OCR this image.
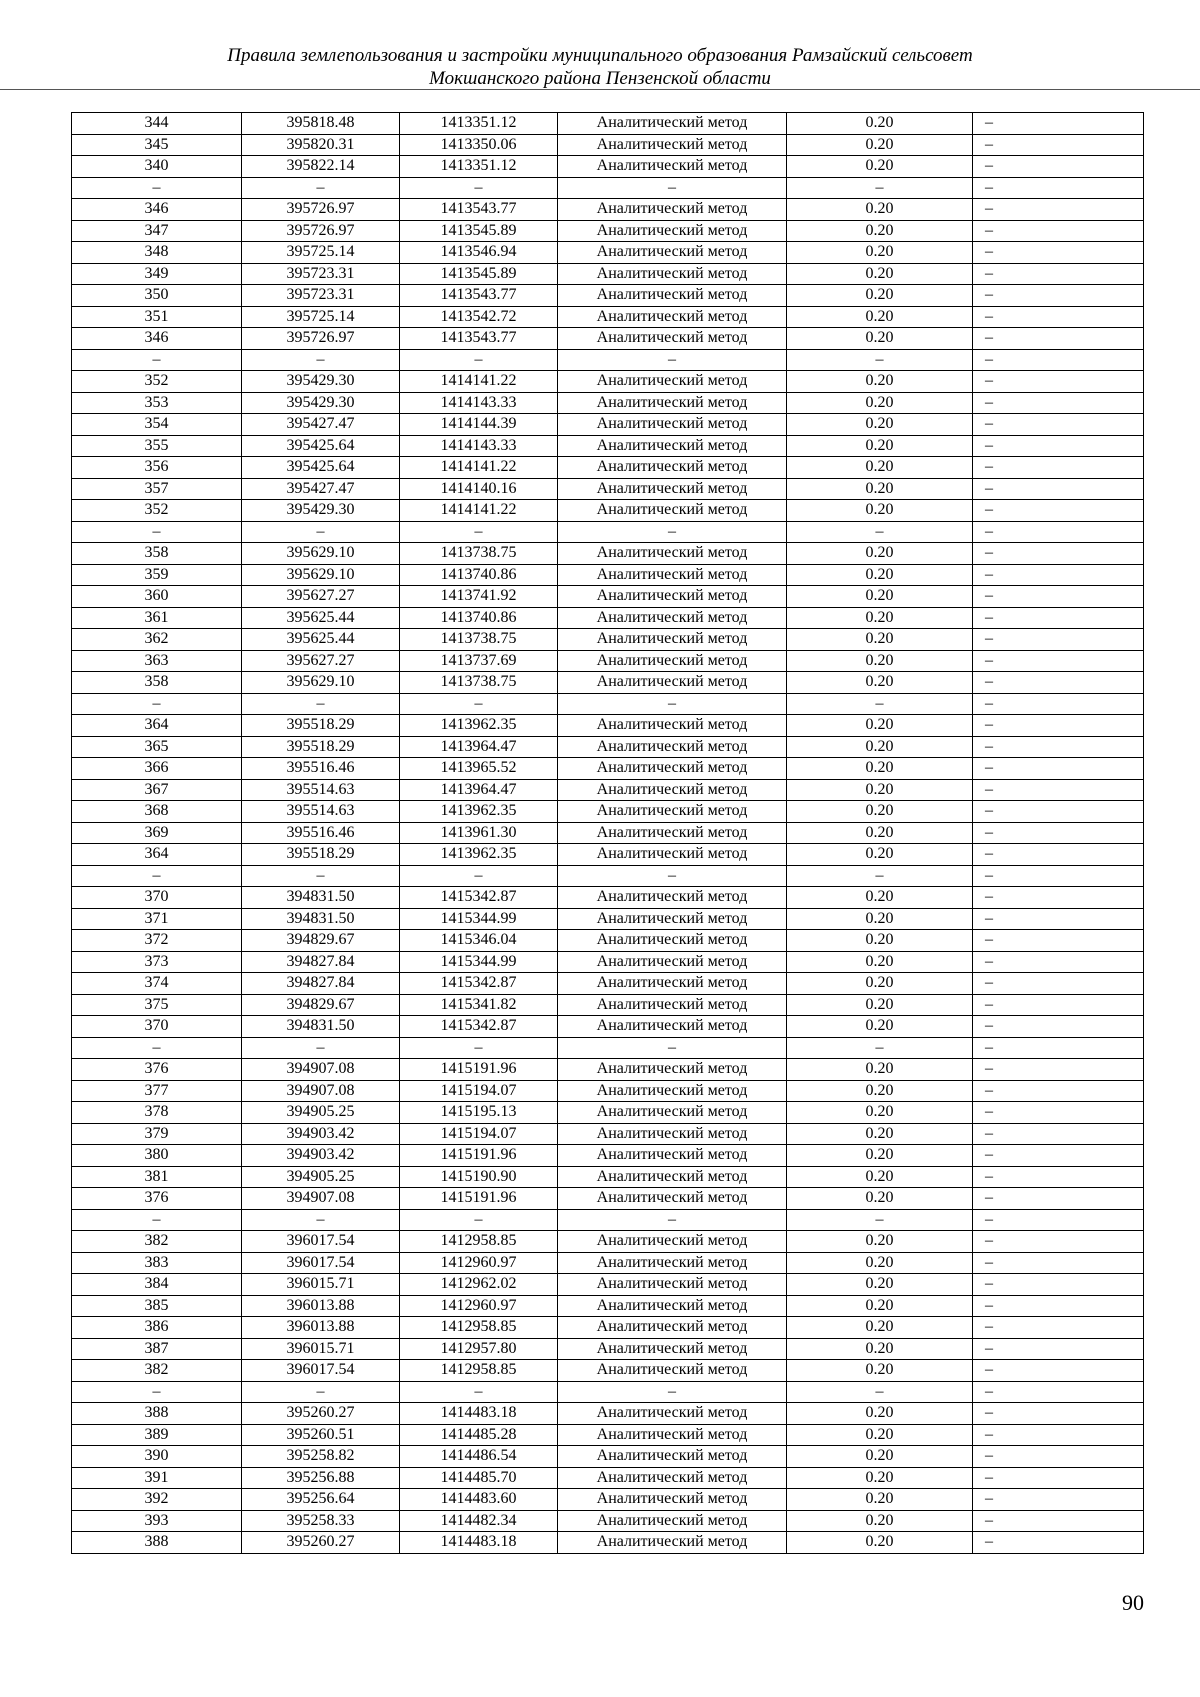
Правила землепользования и застройки муниципального образования Рамзайский сельсовет
Мокшанского района Пензенской области
344	395818.48	1413351.12	Аналитический метод	0.20	–
345	395820.31	1413350.06	Аналитический метод	0.20	–
340	395822.14	1413351.12	Аналитический метод	0.20	–
–	–	–	–	–	–
346	395726.97	1413543.77	Аналитический метод	0.20	–
347	395726.97	1413545.89	Аналитический метод	0.20	–
348	395725.14	1413546.94	Аналитический метод	0.20	–
349	395723.31	1413545.89	Аналитический метод	0.20	–
350	395723.31	1413543.77	Аналитический метод	0.20	–
351	395725.14	1413542.72	Аналитический метод	0.20	–
346	395726.97	1413543.77	Аналитический метод	0.20	–
–	–	–	–	–	–
352	395429.30	1414141.22	Аналитический метод	0.20	–
353	395429.30	1414143.33	Аналитический метод	0.20	–
354	395427.47	1414144.39	Аналитический метод	0.20	–
355	395425.64	1414143.33	Аналитический метод	0.20	–
356	395425.64	1414141.22	Аналитический метод	0.20	–
357	395427.47	1414140.16	Аналитический метод	0.20	–
352	395429.30	1414141.22	Аналитический метод	0.20	–
–	–	–	–	–	–
358	395629.10	1413738.75	Аналитический метод	0.20	–
359	395629.10	1413740.86	Аналитический метод	0.20	–
360	395627.27	1413741.92	Аналитический метод	0.20	–
361	395625.44	1413740.86	Аналитический метод	0.20	–
362	395625.44	1413738.75	Аналитический метод	0.20	–
363	395627.27	1413737.69	Аналитический метод	0.20	–
358	395629.10	1413738.75	Аналитический метод	0.20	–
–	–	–	–	–	–
364	395518.29	1413962.35	Аналитический метод	0.20	–
365	395518.29	1413964.47	Аналитический метод	0.20	–
366	395516.46	1413965.52	Аналитический метод	0.20	–
367	395514.63	1413964.47	Аналитический метод	0.20	–
368	395514.63	1413962.35	Аналитический метод	0.20	–
369	395516.46	1413961.30	Аналитический метод	0.20	–
364	395518.29	1413962.35	Аналитический метод	0.20	–
–	–	–	–	–	–
370	394831.50	1415342.87	Аналитический метод	0.20	–
371	394831.50	1415344.99	Аналитический метод	0.20	–
372	394829.67	1415346.04	Аналитический метод	0.20	–
373	394827.84	1415344.99	Аналитический метод	0.20	–
374	394827.84	1415342.87	Аналитический метод	0.20	–
375	394829.67	1415341.82	Аналитический метод	0.20	–
370	394831.50	1415342.87	Аналитический метод	0.20	–
–	–	–	–	–	–
376	394907.08	1415191.96	Аналитический метод	0.20	–
377	394907.08	1415194.07	Аналитический метод	0.20	–
378	394905.25	1415195.13	Аналитический метод	0.20	–
379	394903.42	1415194.07	Аналитический метод	0.20	–
380	394903.42	1415191.96	Аналитический метод	0.20	–
381	394905.25	1415190.90	Аналитический метод	0.20	–
376	394907.08	1415191.96	Аналитический метод	0.20	–
–	–	–	–	–	–
382	396017.54	1412958.85	Аналитический метод	0.20	–
383	396017.54	1412960.97	Аналитический метод	0.20	–
384	396015.71	1412962.02	Аналитический метод	0.20	–
385	396013.88	1412960.97	Аналитический метод	0.20	–
386	396013.88	1412958.85	Аналитический метод	0.20	–
387	396015.71	1412957.80	Аналитический метод	0.20	–
382	396017.54	1412958.85	Аналитический метод	0.20	–
–	–	–	–	–	–
388	395260.27	1414483.18	Аналитический метод	0.20	–
389	395260.51	1414485.28	Аналитический метод	0.20	–
390	395258.82	1414486.54	Аналитический метод	0.20	–
391	395256.88	1414485.70	Аналитический метод	0.20	–
392	395256.64	1414483.60	Аналитический метод	0.20	–
393	395258.33	1414482.34	Аналитический метод	0.20	–
388	395260.27	1414483.18	Аналитический метод	0.20	–
90
